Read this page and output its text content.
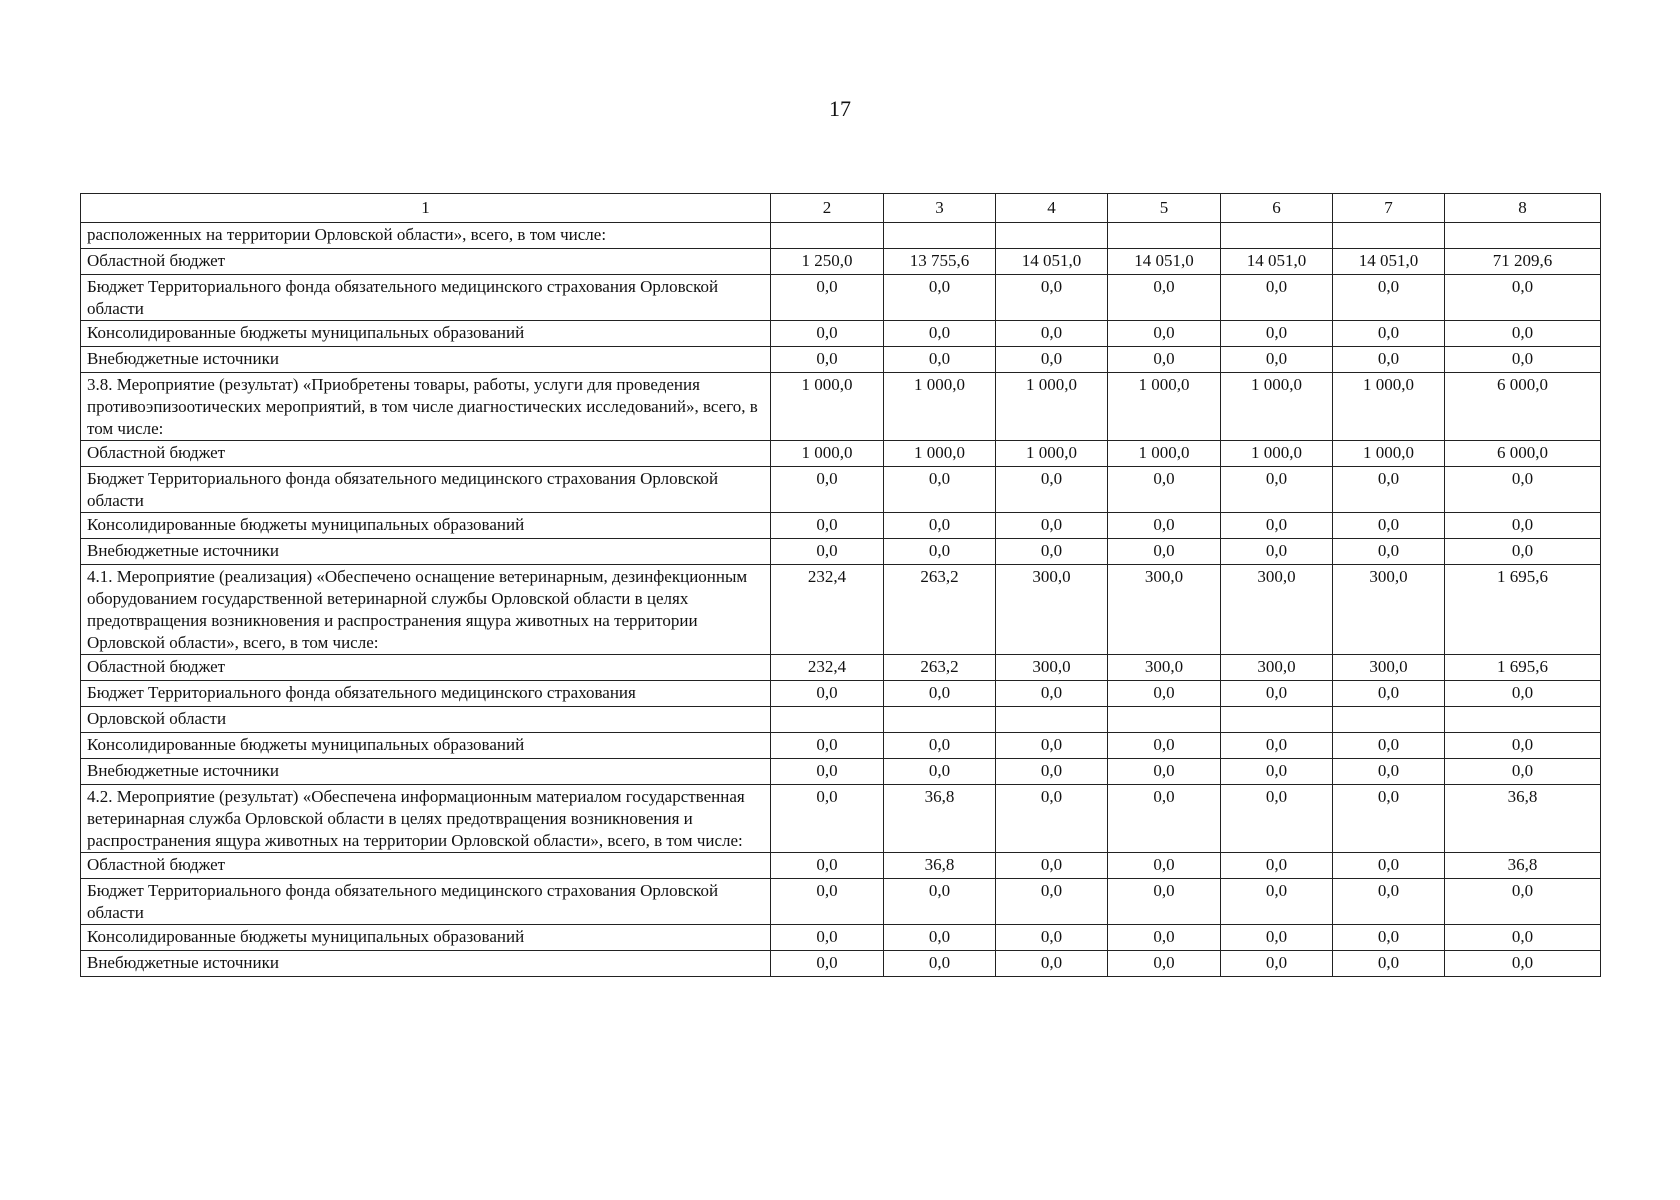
17
1	2	3	4	5	6	7	8
расположенных на территории Орловской области», всего, в том числе:							
Областной бюджет	1 250,0	13 755,6	14 051,0	14 051,0	14 051,0	14 051,0	71 209,6
Бюджет Территориального фонда обязательного медицинского страхования Орловской области	0,0	0,0	0,0	0,0	0,0	0,0	0,0
Консолидированные бюджеты муниципальных образований	0,0	0,0	0,0	0,0	0,0	0,0	0,0
Внебюджетные источники	0,0	0,0	0,0	0,0	0,0	0,0	0,0
3.8. Мероприятие (результат) «Приобретены товары, работы, услуги для проведения противоэпизоотических мероприятий, в том числе диагностических исследований», всего, в том числе:	1 000,0	1 000,0	1 000,0	1 000,0	1 000,0	1 000,0	6 000,0
Областной бюджет	1 000,0	1 000,0	1 000,0	1 000,0	1 000,0	1 000,0	6 000,0
Бюджет Территориального фонда обязательного медицинского страхования Орловской области	0,0	0,0	0,0	0,0	0,0	0,0	0,0
Консолидированные бюджеты муниципальных образований	0,0	0,0	0,0	0,0	0,0	0,0	0,0
Внебюджетные источники	0,0	0,0	0,0	0,0	0,0	0,0	0,0
4.1. Мероприятие (реализация) «Обеспечено оснащение ветеринарным, дезинфекционным оборудованием государственной ветеринарной службы Орловской области в целях предотвращения возникновения и распространения ящура животных на территории Орловской области», всего, в том числе:	232,4	263,2	300,0	300,0	300,0	300,0	1 695,6
Областной бюджет	232,4	263,2	300,0	300,0	300,0	300,0	1 695,6
Бюджет Территориального фонда обязательного медицинского страхования	0,0	0,0	0,0	0,0	0,0	0,0	0,0
Орловской области							
Консолидированные бюджеты муниципальных образований	0,0	0,0	0,0	0,0	0,0	0,0	0,0
Внебюджетные источники	0,0	0,0	0,0	0,0	0,0	0,0	0,0
4.2. Мероприятие (результат) «Обеспечена информационным материалом государственная ветеринарная служба Орловской области в целях предотвращения возникновения и распространения ящура животных на территории Орловской области», всего, в том числе:	0,0	36,8	0,0	0,0	0,0	0,0	36,8
Областной бюджет	0,0	36,8	0,0	0,0	0,0	0,0	36,8
Бюджет Территориального фонда обязательного медицинского страхования Орловской области	0,0	0,0	0,0	0,0	0,0	0,0	0,0
Консолидированные бюджеты муниципальных образований	0,0	0,0	0,0	0,0	0,0	0,0	0,0
Внебюджетные источники	0,0	0,0	0,0	0,0	0,0	0,0	0,0
